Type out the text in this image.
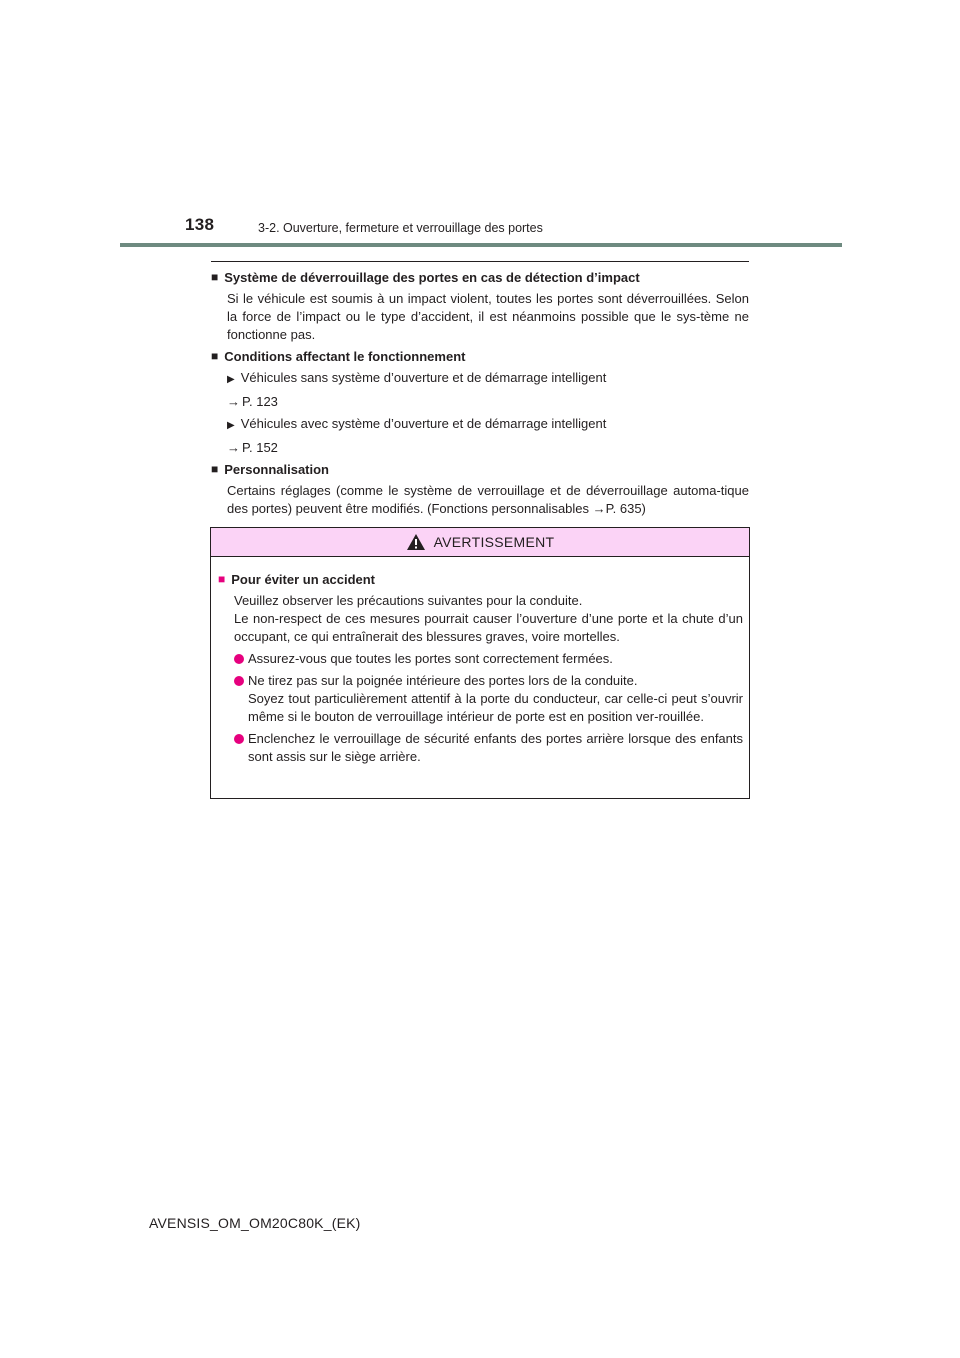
138	3-2. Ouverture, fermeture et verrouillage des portes
■ Système de déverrouillage des portes en cas de détection d’impact
Si le véhicule est soumis à un impact violent, toutes les portes sont déverrouillées. Selon la force de l’impact ou le type d’accident, il est néanmoins possible que le sys-tème ne fonctionne pas.
■ Conditions affectant le fonctionnement
▶ Véhicules sans système d’ouverture et de démarrage intelligent
→ P. 123
▶ Véhicules avec système d’ouverture et de démarrage intelligent
→ P. 152
■ Personnalisation
Certains réglages (comme le système de verrouillage et de déverrouillage automa-tique des portes) peuvent être modifiés. (Fonctions personnalisables →P. 635)
AVERTISSEMENT
■ Pour éviter un accident
Veuillez observer les précautions suivantes pour la conduite.
Le non-respect de ces mesures pourrait causer l’ouverture d’une porte et la chute d’un occupant, ce qui entraînerait des blessures graves, voire mortelles.
Assurez-vous que toutes les portes sont correctement fermées.
Ne tirez pas sur la poignée intérieure des portes lors de la conduite.
Soyez tout particulièrement attentif à la porte du conducteur, car celle-ci peut s’ouvrir même si le bouton de verrouillage intérieur de porte est en position ver-rouillée.
Enclenchez le verrouillage de sécurité enfants des portes arrière lorsque des enfants sont assis sur le siège arrière.
AVENSIS_OM_OM20C80K_(EK)
